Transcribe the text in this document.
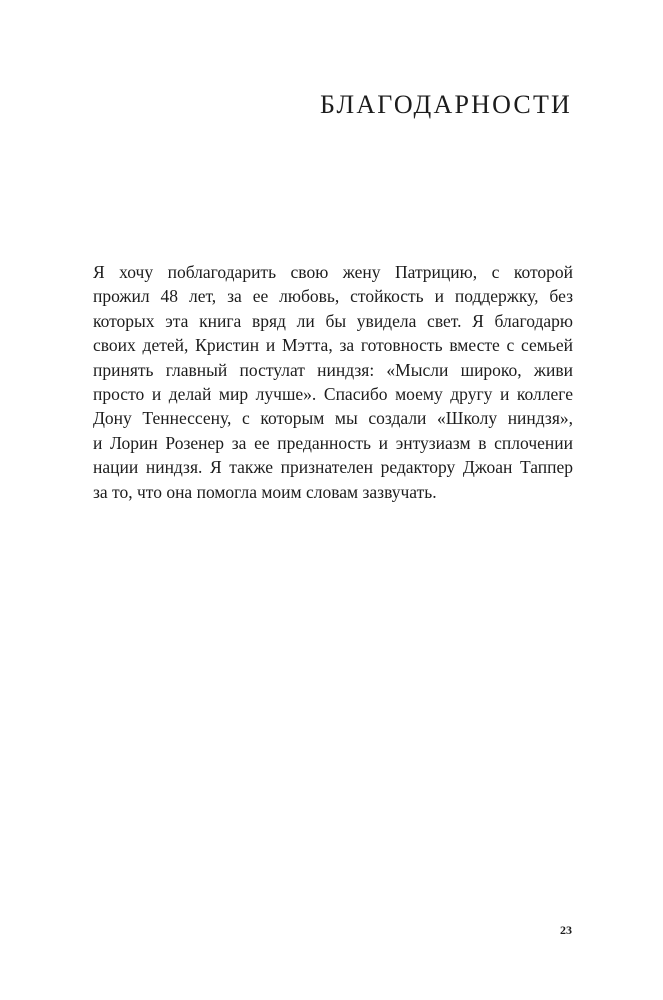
БЛАГОДАРНОСТИ

Я хочу поблагодарить свою жену Патрицию, с которой
прожил 48 лет, за ее любовь, стойкость и поддержку, без
которых эта книга вряд ли бы увидела свет. Я благодарю
своих детей, Кристин и Мэтта, за готовность вместе с семьей
принять главный постулат ниндзя: «Мысли широко, живи
просто и делай мир лучше». Спасибо моему другу и коллеге
Дону Теннессену, с которым мы создали «Школу ниндзя»,
и Лорин Розенер за ее преданность и энтузиазм в сплочении
нации ниндзя. Я также признателен редактору Джоан Таппер
за то, что она помогла моим словам зазвучать.

23
